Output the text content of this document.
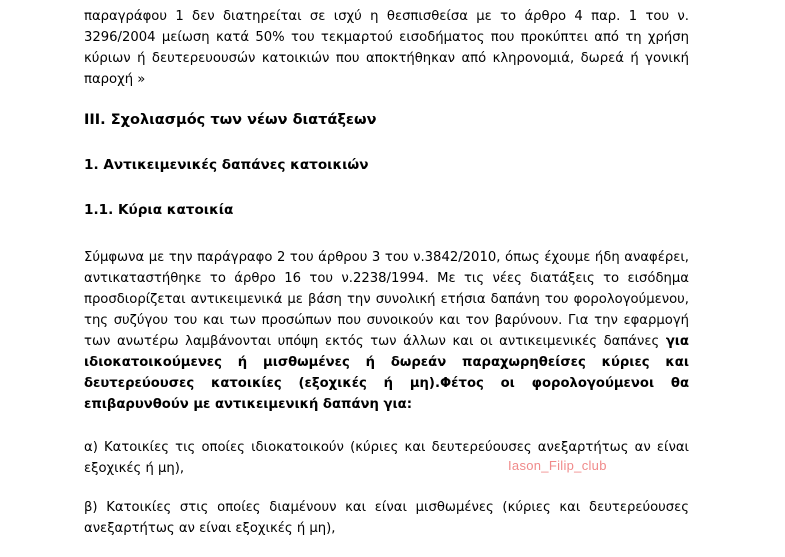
παραγράφου 1 δεν διατηρείται σε ισχύ η θεσπισθείσα με το άρθρο 4 παρ. 1 του ν. 3296/2004 μείωση κατά 50% του τεκμαρτού εισοδήματος που προκύπτει από τη χρήση κύριων ή δευτερευουσών κατοικιών που αποκτήθηκαν από κληρονομιά, δωρεά ή γονική παροχή »

III. Σχολιασμός των νέων διατάξεων

1. Αντικειμενικές δαπάνες κατοικιών

1.1. Κύρια κατοικία

Σύμφωνα με την παράγραφο 2 του άρθρου 3 του ν.3842/2010, όπως έχουμε ήδη αναφέρει, αντικαταστήθηκε το άρθρο 16 του ν.2238/1994. Με τις νέες διατάξεις το εισόδημα προσδιορίζεται αντικειμενικά με βάση την συνολική ετήσια δαπάνη του φορολογούμενου, της συζύγου του και των προσώπων που συνοικούν και τον βαρύνουν. Για την εφαρμογή των ανωτέρω λαμβάνονται υπόψη εκτός των άλλων και οι αντικειμενικές δαπάνες για ιδιοκατοικούμενες ή μισθωμένες ή δωρεάν παραχωρηθείσες κύριες και δευτερεύουσες κατοικίες (εξοχικές ή μη).Φέτος οι φορολογούμενοι θα επιβαρυνθούν με αντικειμενική δαπάνη για:

α) Κατοικίες τις οποίες ιδιοκατοικούν (κύριες και δευτερεύουσες ανεξαρτήτως αν είναι εξοχικές ή μη),

β) Κατοικίες στις οποίες διαμένουν και είναι μισθωμένες (κύριες και δευτερεύουσες ανεξαρτήτως αν είναι εξοχικές ή μη),

Iason_Filip_club
